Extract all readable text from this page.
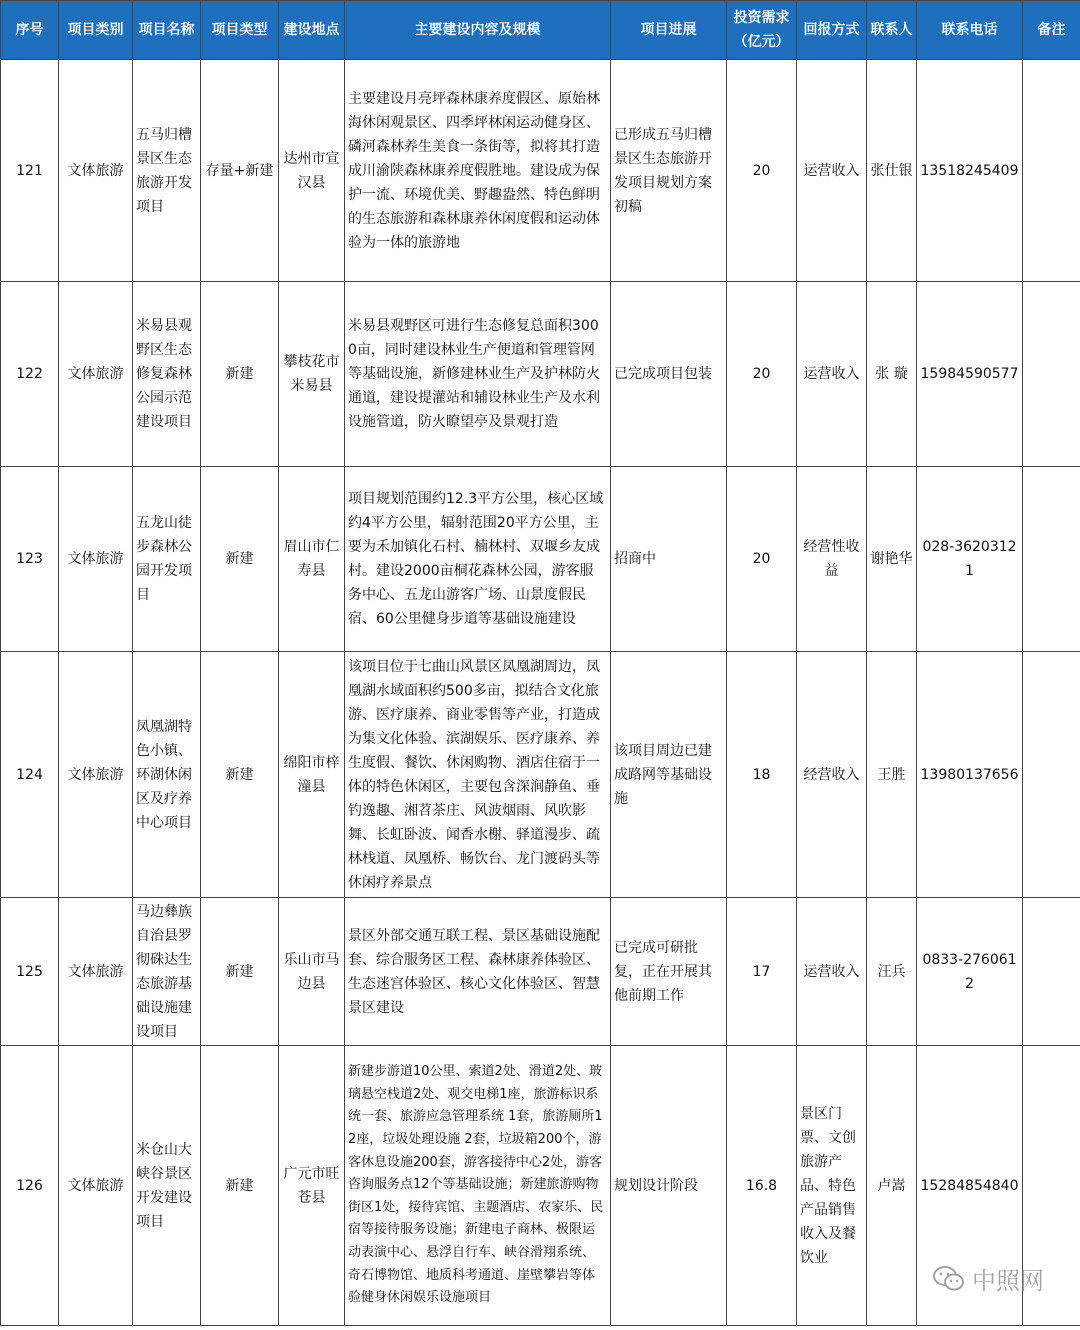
序号	项目类别	项目名称	项目类型	建设地点	主要建设内容及规模	项目进展	投资需求（亿元）	回报方式	联系人	联系电话	备注
121	文体旅游	五马归槽景区生态旅游开发项目	存量+新建	达州市宣汉县	主要建设月亮坪森林康养度假区、原始林海休闲观景区、四季坪林闲运动健身区、磷河森林养生美食一条街等，拟将其打造成川渝陕森林康养度假胜地。建设成为保护一流、环境优美、野趣盎然、特色鲜明的生态旅游和森林康养休闲度假和运动体验为一体的旅游地	已形成五马归槽景区生态旅游开发项目规划方案初稿	20	运营收入	张仕银	13518245409	
122	文体旅游	米易县观野区生态修复森林公园示范建设项目	新建	攀枝花市米易县	米易县观野区可进行生态修复总面积3000亩，同时建设林业生产便道和管理管网等基础设施，新修建林业生产及护林防火通道，建设提灌站和辅设林业生产及水利设施管道，防火瞭望亭及景观打造	已完成项目包装	20	运营收入	张 璇	15984590577	
123	文体旅游	五龙山徒步森林公园开发项目	新建	眉山市仁寿县	项目规划范围约12.3平方公里，核心区域约4平方公里，辐射范围20平方公里，主要为禾加镇化石村、楠林村、双堰乡友成村。建设2000亩桐花森林公园，游客服务中心、五龙山游客广场、山景度假民宿、60公里健身步道等基础设施建设	招商中	20	经营性收益	谢艳华	028-36203121	
124	文体旅游	凤凰湖特色小镇、环湖休闲区及疗养中心项目	新建	绵阳市梓潼县	该项目位于七曲山风景区凤凰湖周边，凤凰湖水域面积约500多亩，拟结合文化旅游、医疗康养、商业零售等产业，打造成为集文化体验、滨湖娱乐、医疗康养、养生度假、餐饮、休闲购物、酒店住宿于一体的特色休闲区，主要包含深涧静鱼、垂钓逸趣、湘苕茶庄、风波烟雨、风吹影舞、长虹卧波、闻香水榭、驿道漫步、疏林栈道、凤凰桥、畅饮台、龙门渡码头等休闲疗养景点	该项目周边已建成路网等基础设施	18	经营收入	王胜	13980137656	
125	文体旅游	马边彝族自治县罗彻硃达生态旅游基础设施建设项目	新建	乐山市马边县	景区外部交通互联工程、景区基础设施配套、综合服务区工程、森林康养体验区、生态迷宫体验区、核心文化体验区、智慧景区建设	已完成可研批复，正在开展其他前期工作	17	运营收入	汪兵	0833-2760612	
126	文体旅游	米仓山大峡谷景区开发建设项目	新建	广元市旺苍县	新建步游道10公里、索道2处、滑道2处、玻璃悬空栈道2处、观交电梯1座，旅游标识系统一套、旅游应急管理系统 1套，旅游厕所12座，垃圾处理设施 2套，垃圾箱200个，游客休息设施200套，游客接待中心2处，游客咨询服务点12个等基础设施；新建旅游购物街区1处，接待宾馆、主题酒店、农家乐、民宿等接待服务设施；新建电子商林、极限运动表演中心、悬浮自行车、峡谷滑翔系统、奇石博物馆、地质科考通道、崖壁攀岩等体验健身休闲娱乐设施项目	规划设计阶段	16.8	景区门票、文创旅游产品、特色产品销售收入及餐饮业	卢嵩	15284854840	
中照网
